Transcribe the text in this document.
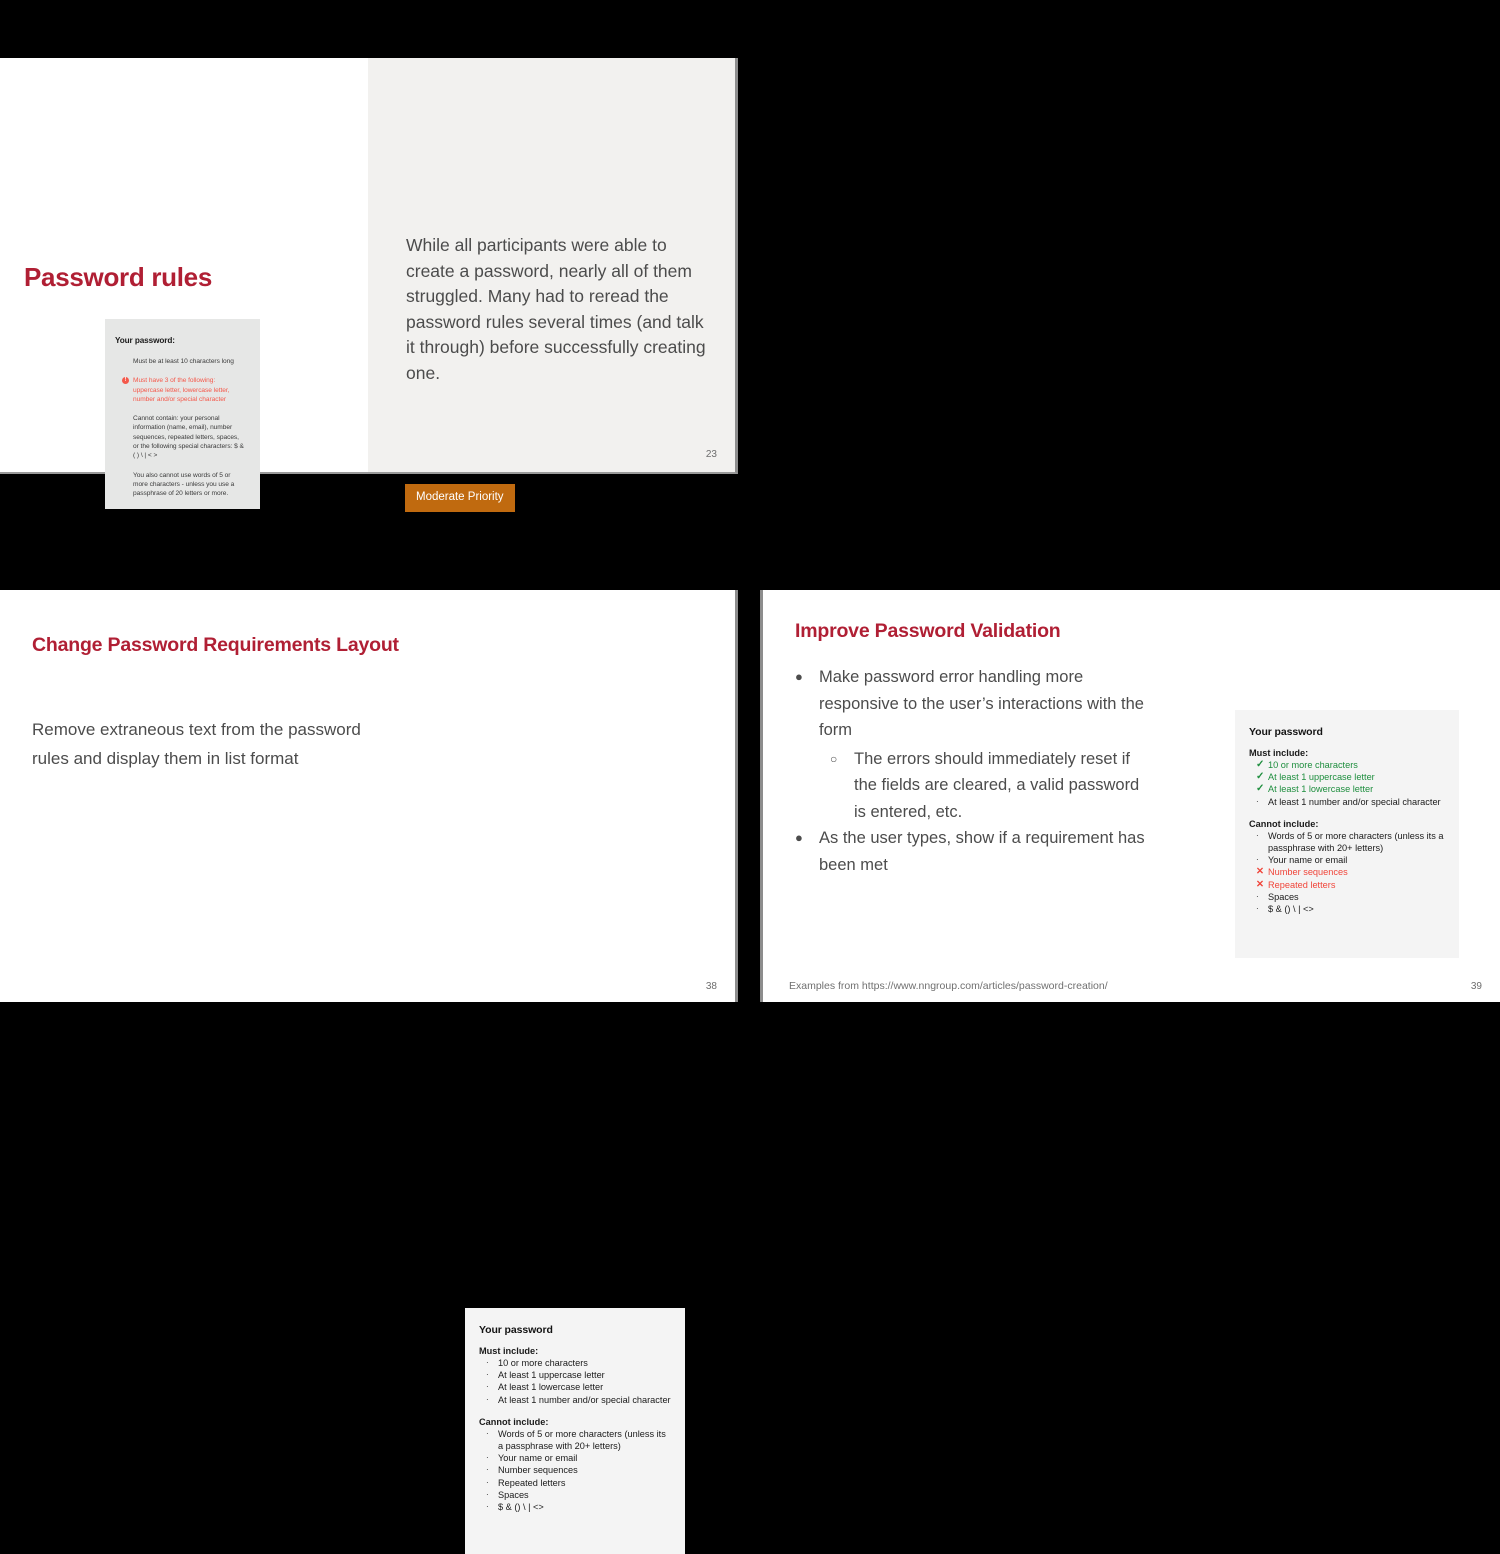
Password rules
Your password:
Must be at least 10 characters long
! Must have 3 of the following: uppercase letter, lowercase letter, number and/or special character
Cannot contain: your personal information (name, email), number sequences, repeated letters, spaces, or the following special characters: $ & ( ) \ | < >
You also cannot use words of 5 or more characters - unless you use a passphrase of 20 letters or more.
While all participants were able to create a password, nearly all of them struggled. Many had to reread the password rules several times (and talk it through) before successfully creating one.
Moderate Priority
23
Your password
Must include:
·	10 or more characters
·	At least 1 uppercase letter
·	At least 1 lowercase letter
·	At least 1 number and/or special character
Cannot include:
·	Words of 5 or more characters (unless its a passphrase with 20+ letters)
·	Your name or email
·	Number sequences
·	Repeated letters
·	Spaces
·	$ & () \ | <>
38
Change Password Requirements Layout
Remove extraneous text from the password rules and display them in list format
Improve Password Validation
● Make password error handling more responsive to the user’s interactions with the form
○	The errors should immediately reset if the fields are cleared, a valid password is entered, etc.
● As the user types, show if a requirement has been met
Your password
Must include:
✓ 10 or more characters
✓ At least 1 uppercase letter
✓ At least 1 lowercase letter
·	At least 1 number and/or special character
Cannot include:
·	Words of 5 or more characters (unless its a passphrase with 20+ letters)
·	Your name or email
✕ Number sequences
✕ Repeated letters
·	Spaces
·	$ & () \ | <>
Examples from https://www.nngroup.com/articles/password-creation/	39
